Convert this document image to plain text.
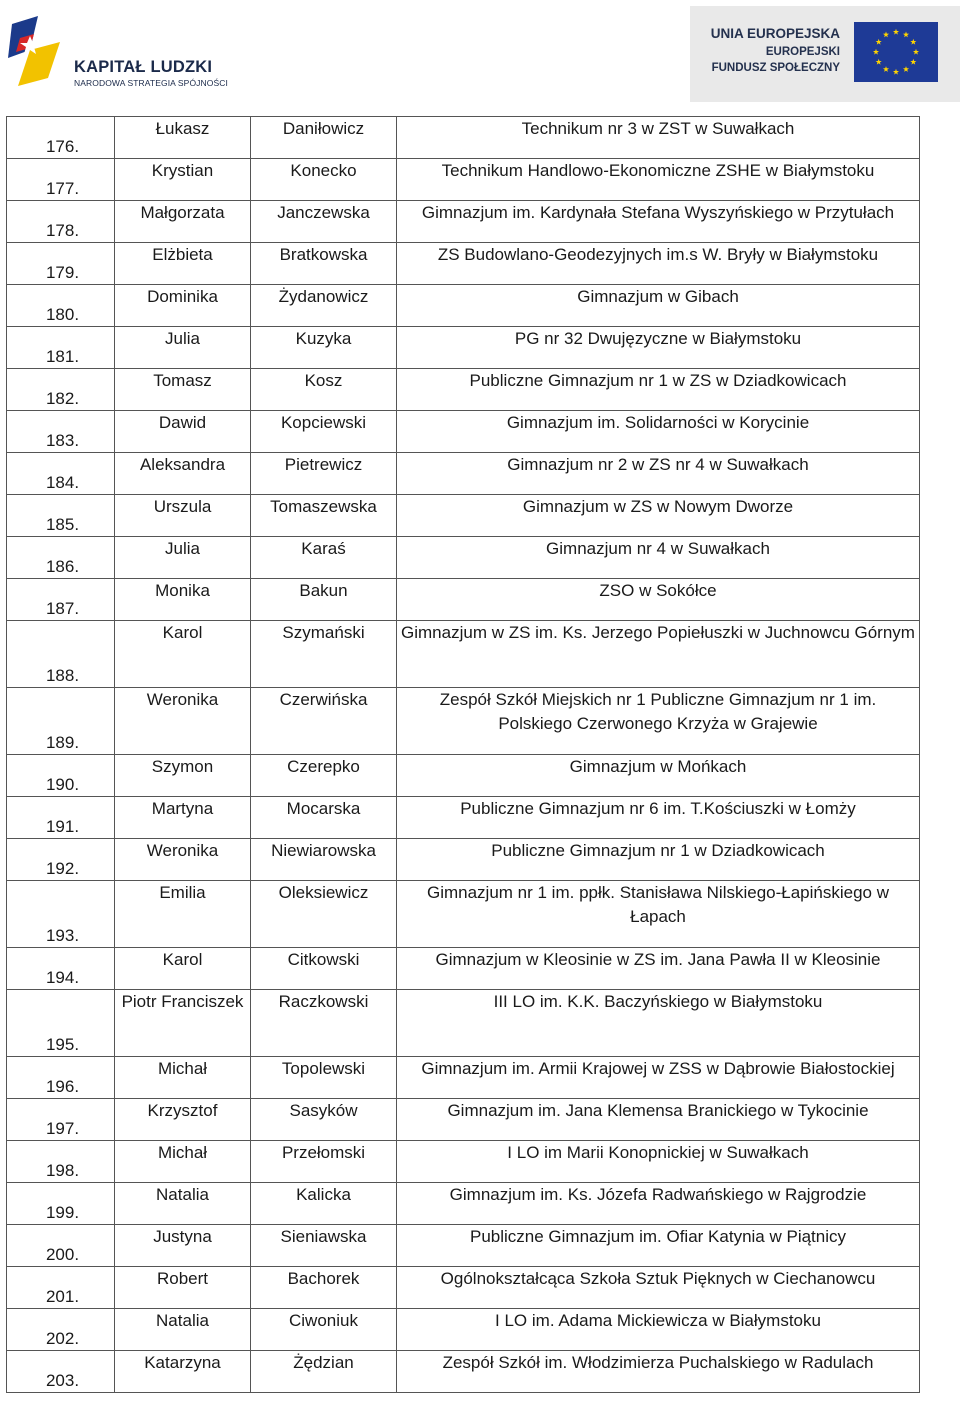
KAPITAŁ LUDZKI
NARODOWA STRATEGIA SPÓJNOŚCI
UNIA EUROPEJSKA
EUROPEJSKI
FUNDUSZ SPOŁECZNY
176.	Łukasz	Daniłowicz	Technikum nr 3 w ZST w Suwałkach
177.	Krystian	Konecko	Technikum Handlowo-Ekonomiczne ZSHE w Białymstoku
178.	Małgorzata	Janczewska	Gimnazjum im. Kardynała Stefana Wyszyńskiego w Przytułach
179.	Elżbieta	Bratkowska	ZS Budowlano-Geodezyjnych im.s W. Bryły w Białymstoku
180.	Dominika	Żydanowicz	Gimnazjum w Gibach
181.	Julia	Kuzyka	PG nr 32 Dwujęzyczne w Białymstoku
182.	Tomasz	Kosz	Publiczne Gimnazjum nr 1 w ZS w Dziadkowicach
183.	Dawid	Kopciewski	Gimnazjum im. Solidarności w Korycinie
184.	Aleksandra	Pietrewicz	Gimnazjum nr 2 w ZS nr 4 w Suwałkach
185.	Urszula	Tomaszewska	Gimnazjum w ZS w Nowym Dworze
186.	Julia	Karaś	Gimnazjum nr 4 w Suwałkach
187.	Monika	Bakun	ZSO w Sokółce
188.	Karol	Szymański	Gimnazjum w ZS im. Ks. Jerzego Popiełuszki w Juchnowcu Górnym
189.	Weronika	Czerwińska	Zespół Szkół Miejskich nr 1 Publiczne Gimnazjum nr 1 im. Polskiego Czerwonego Krzyża w Grajewie
190.	Szymon	Czerepko	Gimnazjum w Mońkach
191.	Martyna	Mocarska	Publiczne Gimnazjum nr 6 im. T.Kościuszki w Łomży
192.	Weronika	Niewiarowska	Publiczne Gimnazjum nr 1 w Dziadkowicach
193.	Emilia	Oleksiewicz	Gimnazjum nr 1 im. ppłk. Stanisława Nilskiego-Łapińskiego w Łapach
194.	Karol	Citkowski	Gimnazjum w Kleosinie w ZS im. Jana Pawła II w Kleosinie
195.	Piotr Franciszek	Raczkowski	III LO im. K.K. Baczyńskiego w Białymstoku
196.	Michał	Topolewski	Gimnazjum im. Armii Krajowej w ZSS w Dąbrowie Białostockiej
197.	Krzysztof	Sasyków	Gimnazjum im. Jana Klemensa Branickiego w Tykocinie
198.	Michał	Przełomski	I LO im Marii Konopnickiej w Suwałkach
199.	Natalia	Kalicka	Gimnazjum im. Ks. Józefa Radwańskiego w Rajgrodzie
200.	Justyna	Sieniawska	Publiczne Gimnazjum im. Ofiar Katynia w Piątnicy
201.	Robert	Bachorek	Ogólnokształcąca Szkoła Sztuk Pięknych w Ciechanowcu
202.	Natalia	Ciwoniuk	I LO im. Adama Mickiewicza w Białymstoku
203.	Katarzyna	Żędzian	Zespół Szkół im. Włodzimierza Puchalskiego w Radulach
